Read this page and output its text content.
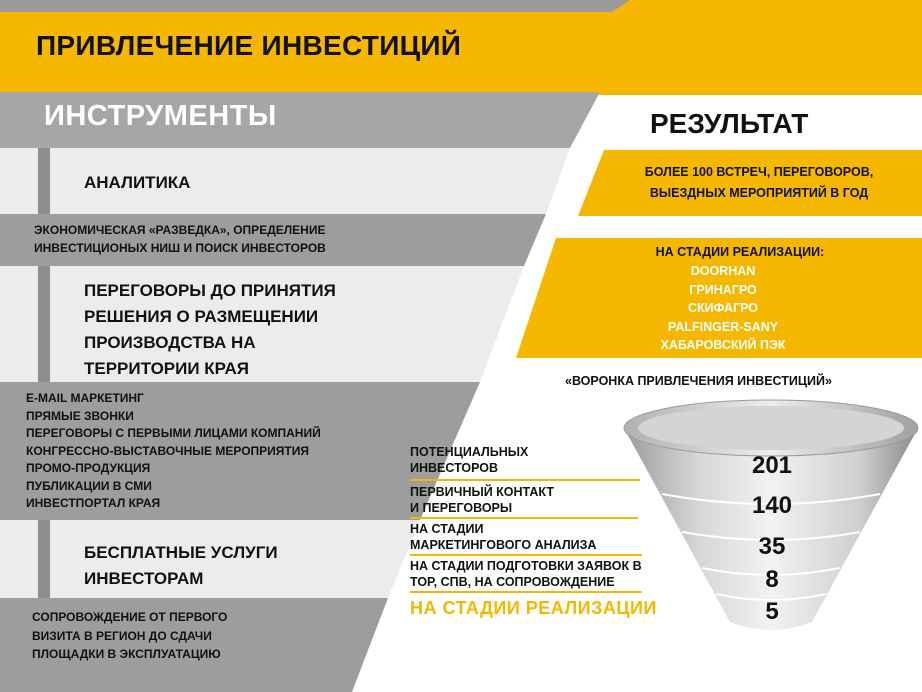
ПРИВЛЕЧЕНИЕ ИНВЕСТИЦИЙ
ИНСТРУМЕНТЫ
АНАЛИТИКА
ЭКОНОМИЧЕСКАЯ «РАЗВЕДКА», ОПРЕДЕЛЕНИЕ
ИНВЕСТИЦИОНЫХ НИШ И ПОИСК ИНВЕСТОРОВ
ПЕРЕГОВОРЫ ДО ПРИНЯТИЯ
РЕШЕНИЯ О РАЗМЕЩЕНИИ
ПРОИЗВОДСТВА НА
ТЕРРИТОРИИ КРАЯ
E-MAIL МАРКЕТИНГ
ПРЯМЫЕ ЗВОНКИ
ПЕРЕГОВОРЫ С ПЕРВЫМИ ЛИЦАМИ КОМПАНИЙ
КОНГРЕССНО-ВЫСТАВОЧНЫЕ МЕРОПРИЯТИЯ
ПРОМО-ПРОДУКЦИЯ
ПУБЛИКАЦИИ В СМИ
ИНВЕСТПОРТАЛ КРАЯ
БЕСПЛАТНЫЕ УСЛУГИ
ИНВЕСТОРАМ
СОПРОВОЖДЕНИЕ ОТ ПЕРВОГО
ВИЗИТА В РЕГИОН ДО СДАЧИ
ПЛОЩАДКИ В ЭКСПЛУАТАЦИЮ
РЕЗУЛЬТАТ
БОЛЕЕ 100 ВСТРЕЧ, ПЕРЕГОВОРОВ,
ВЫЕЗДНЫХ МЕРОПРИЯТИЙ В ГОД
НА СТАДИИ РЕАЛИЗАЦИИ:
DOORHAN
ГРИНАГРО
СКИФАГРО
PALFINGER-SANY
ХАБАРОВСКИЙ ПЭК
«ВОРОНКА ПРИВЛЕЧЕНИЯ ИНВЕСТИЦИЙ»
ПОТЕНЦИАЛЬНЫХ
ИНВЕСТОРОВ	201
ПЕРВИЧНЫЙ КОНТАКТ
И ПЕРЕГОВОРЫ	140
НА СТАДИИ
МАРКЕТИНГОВОГО АНАЛИЗА	35
НА СТАДИИ ПОДГОТОВКИ ЗАЯВОК В
ТОР, СПВ, НА СОПРОВОЖДЕНИЕ	8
НА СТАДИИ РЕАЛИЗАЦИИ	5
